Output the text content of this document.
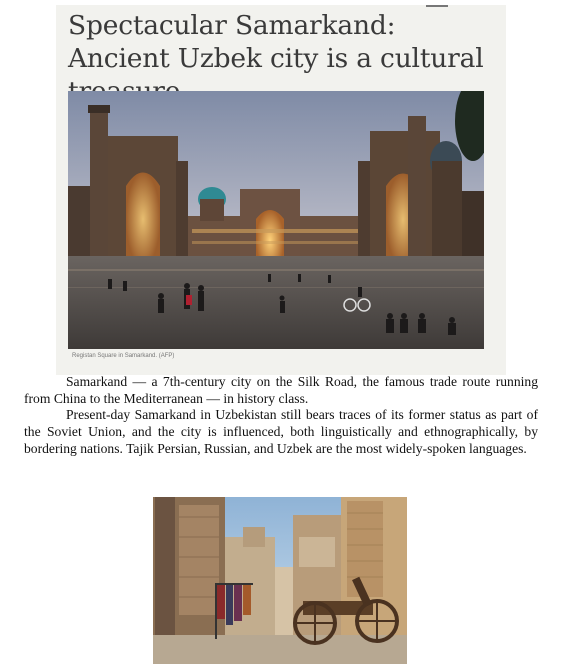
Spectacular Samarkand: Ancient Uzbek city is a cultural
Registan Square in Samarkand. (AFP)

Samarkand — a 7th-century city on the Silk Road, the famous trade route running from China to the Mediterranean — in history class.

Present-day Samarkand in Uzbekistan still bears traces of its former status as part of the Soviet Union, and the city is influenced, both linguistically and ethnographically, by bordering nations. Tajik Persian, Russian, and Uzbek are the most widely-spoken languages.
